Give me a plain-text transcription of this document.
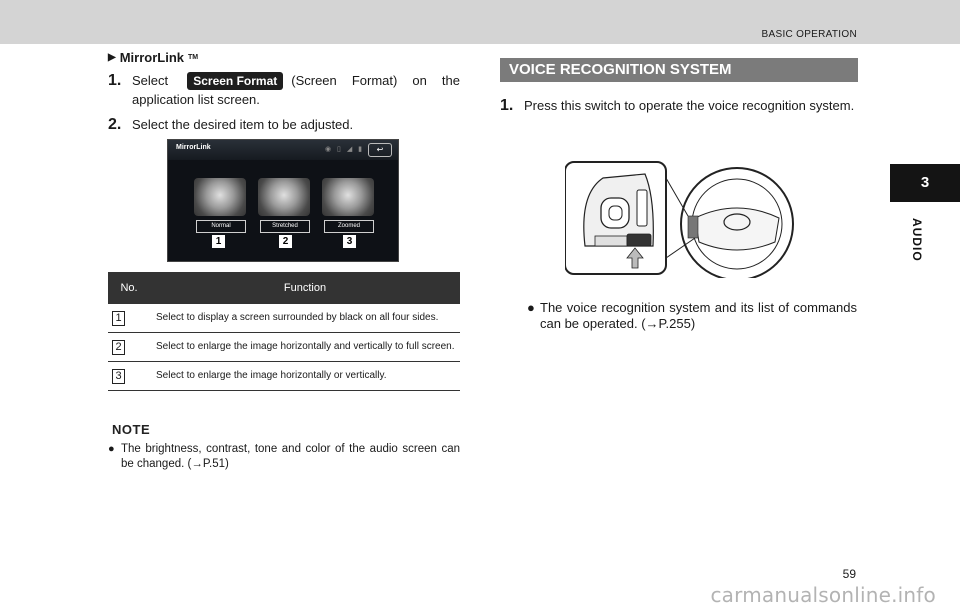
BASIC OPERATION
3
AUDIO
▶ MirrorLink TM
1. Select Screen Format (Screen Format) on the application list screen.
2. Select the desired item to be adjusted.
MirrorLink	◉ ▯ ◢ ▮	↩
Normal	Stretched	Zoomed
1	2	3
No.	Function
1	Select to display a screen surrounded by black on all four sides.
2	Select to enlarge the image horizontally and vertically to full screen.
3	Select to enlarge the image horizontally or vertically.
NOTE
● The brightness, contrast, tone and color of the audio screen can be changed. (→P.51)
VOICE RECOGNITION SYSTEM
1. Press this switch to operate the voice recognition system.
● The voice recognition system and its list of commands can be operated. (→P.255)
59
carmanualsonline.info
